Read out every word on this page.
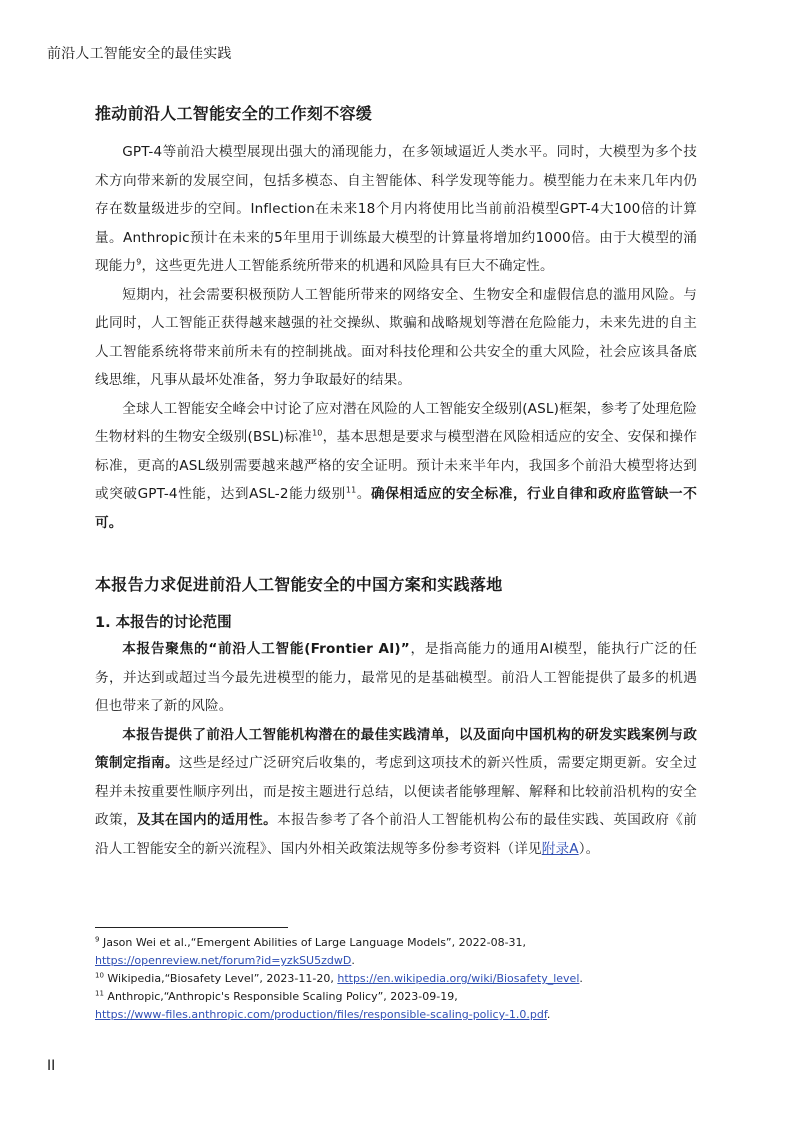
前沿人工智能安全的最佳实践
推动前沿人工智能安全的工作刻不容缓

GPT-4等前沿大模型展现出强大的涌现能力，在多领域逼近人类水平。同时，大模型为多个技术方向带来新的发展空间，包括多模态、自主智能体、科学发现等能力。模型能力在未来几年内仍存在数量级进步的空间。Inflection在未来18个月内将使用比当前前沿模型GPT-4大100倍的计算量。Anthropic预计在未来的5年里用于训练最大模型的计算量将增加约1000倍。由于大模型的涌现能力$^9$，这些更先进人工智能系统所带来的机遇和风险具有巨大不确定性。

短期内，社会需要积极预防人工智能所带来的网络安全、生物安全和虚假信息的滥用风险。与此同时，人工智能正获得越来越强的社交操纵、欺骗和战略规划等潜在危险能力，未来先进的自主人工智能系统将带来前所未有的控制挑战。面对科技伦理和公共安全的重大风险，社会应该具备底线思维，凡事从最坏处准备，努力争取最好的结果。

全球人工智能安全峰会中讨论了应对潜在风险的人工智能安全级别(ASL)框架，参考了处理危险生物材料的生物安全级别(BSL)标准$^{10}$，基本思想是要求与模型潜在风险相适应的安全、安保和操作标准，更高的ASL级别需要越来越严格的安全证明。预计未来半年内，我国多个前沿大模型将达到或突破GPT-4性能，达到ASL-2能力级别$^{11}$。确保相适应的安全标准，行业自律和政府监管缺一不可。

本报告力求促进前沿人工智能安全的中国方案和实践落地
1. 本报告的讨论范围

本报告聚焦的“前沿人工智能(Frontier AI)”，是指高能力的通用AI模型，能执行广泛的任务，并达到或超过当今最先进模型的能力，最常见的是基础模型。前沿人工智能提供了最多的机遇但也带来了新的风险。

本报告提供了前沿人工智能机构潜在的最佳实践清单，以及面向中国机构的研发实践案例与政策制定指南。这些是经过广泛研究后收集的，考虑到这项技术的新兴性质，需要定期更新。安全过程并未按重要性顺序列出，而是按主题进行总结，以便读者能够理解、解释和比较前沿机构的安全政策，及其在国内的适用性。本报告参考了各个前沿人工智能机构公布的最佳实践、英国政府《前沿人工智能安全的新兴流程》、国内外相关政策法规等多份参考资料（详见附录A）。

$^9$ Jason Wei et al.,“Emergent Abilities of Large Language Models”, 2022-08-31,
https://openreview.net/forum?id=yzkSU5zdwD.
$^{10}$ Wikipedia,“Biosafety Level”, 2023-11-20, https://en.wikipedia.org/wiki/Biosafety_level.
$^{11}$ Anthropic,“Anthropic's Responsible Scaling Policy”, 2023-09-19,
https://www-files.anthropic.com/production/files/responsible-scaling-policy-1.0.pdf.
II
